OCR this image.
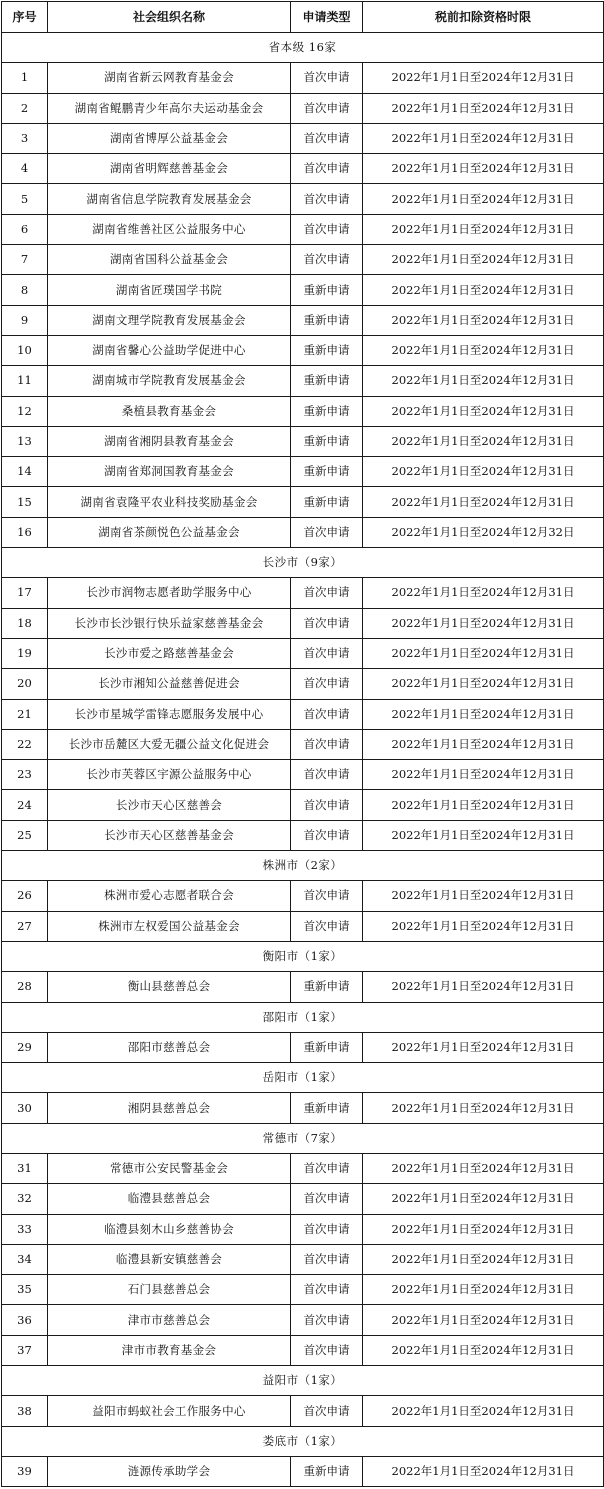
序号	社会组织名称	申请类型	税前扣除资格时限
省本级 16家			
1	湖南省新云网教育基金会	首次申请	2022年1月1日至2024年12月31日
2	湖南省鲲鹏青少年高尔夫运动基金会	首次申请	2022年1月1日至2024年12月31日
3	湖南省博厚公益基金会	首次申请	2022年1月1日至2024年12月31日
4	湖南省明辉慈善基金会	首次申请	2022年1月1日至2024年12月31日
5	湖南省信息学院教育发展基金会	首次申请	2022年1月1日至2024年12月31日
6	湖南省维善社区公益服务中心	首次申请	2022年1月1日至2024年12月31日
7	湖南省国科公益基金会	首次申请	2022年1月1日至2024年12月31日
8	湖南省匠璞国学书院	重新申请	2022年1月1日至2024年12月31日
9	湖南文理学院教育发展基金会	重新申请	2022年1月1日至2024年12月31日
10	湖南省馨心公益助学促进中心	重新申请	2022年1月1日至2024年12月31日
11	湖南城市学院教育发展基金会	重新申请	2022年1月1日至2024年12月31日
12	桑植县教育基金会	重新申请	2022年1月1日至2024年12月31日
13	湖南省湘阴县教育基金会	重新申请	2022年1月1日至2024年12月31日
14	湖南省郑洞国教育基金会	重新申请	2022年1月1日至2024年12月31日
15	湖南省袁隆平农业科技奖励基金会	重新申请	2022年1月1日至2024年12月31日
16	湖南省茶颜悦色公益基金会	首次申请	2022年1月1日至2024年12月32日
长沙市（9家）			
17	长沙市润物志愿者助学服务中心	首次申请	2022年1月1日至2024年12月31日
18	长沙市长沙银行快乐益家慈善基金会	首次申请	2022年1月1日至2024年12月31日
19	长沙市爱之路慈善基金会	首次申请	2022年1月1日至2024年12月31日
20	长沙市湘知公益慈善促进会	首次申请	2022年1月1日至2024年12月31日
21	长沙市星城学雷锋志愿服务发展中心	首次申请	2022年1月1日至2024年12月31日
22	长沙市岳麓区大爱无疆公益文化促进会	首次申请	2022年1月1日至2024年12月31日
23	长沙市芙蓉区宇源公益服务中心	首次申请	2022年1月1日至2024年12月31日
24	长沙市天心区慈善会	首次申请	2022年1月1日至2024年12月31日
25	长沙市天心区慈善基金会	首次申请	2022年1月1日至2024年12月31日
株洲市（2家）			
26	株洲市爱心志愿者联合会	首次申请	2022年1月1日至2024年12月31日
27	株洲市左权爱国公益基金会	首次申请	2022年1月1日至2024年12月31日
衡阳市（1家）			
28	衡山县慈善总会	重新申请	2022年1月1日至2024年12月31日
邵阳市（1家）			
29	邵阳市慈善总会	重新申请	2022年1月1日至2024年12月31日
岳阳市（1家）			
30	湘阴县慈善总会	重新申请	2022年1月1日至2024年12月31日
常德市（7家）			
31	常德市公安民警基金会	首次申请	2022年1月1日至2024年12月31日
32	临澧县慈善总会	首次申请	2022年1月1日至2024年12月31日
33	临澧县刻木山乡慈善协会	首次申请	2022年1月1日至2024年12月31日
34	临澧县新安镇慈善会	首次申请	2022年1月1日至2024年12月31日
35	石门县慈善总会	首次申请	2022年1月1日至2024年12月31日
36	津市市慈善总会	首次申请	2022年1月1日至2024年12月31日
37	津市市教育基金会	首次申请	2022年1月1日至2024年12月31日
益阳市（1家）			
38	益阳市蚂蚁社会工作服务中心	首次申请	2022年1月1日至2024年12月31日
娄底市（1家）			
39	涟源传承助学会	重新申请	2022年1月1日至2024年12月31日
